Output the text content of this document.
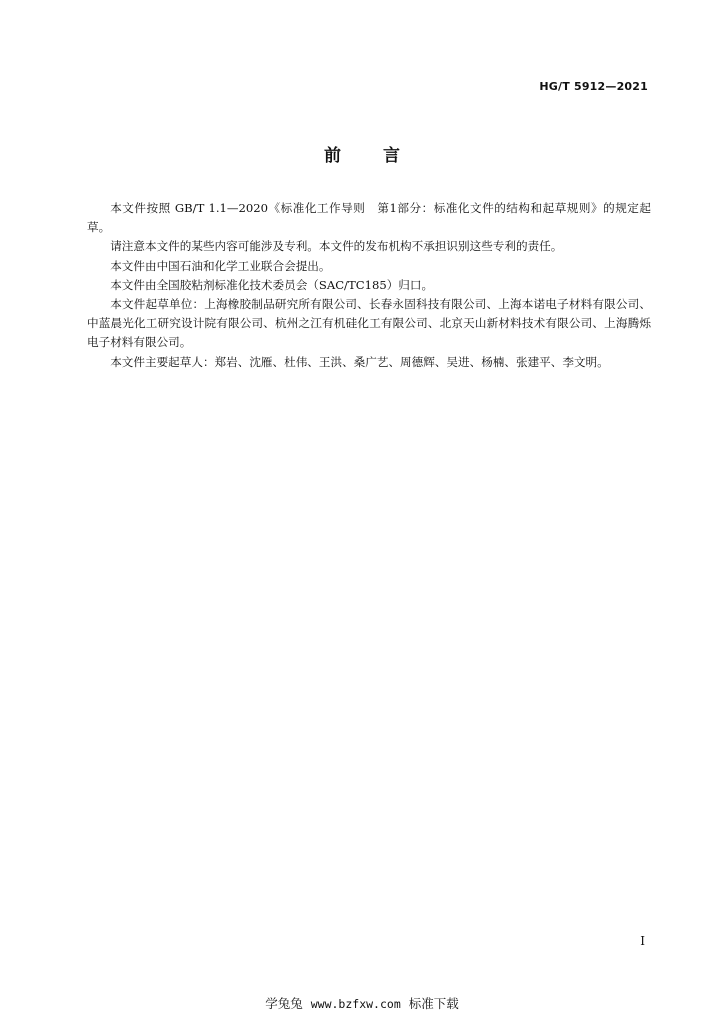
HG/T 5912—2021
前言

本文件按照 GB/T 1.1—2020《标准化工作导则　第1部分：标准化文件的结构和起草规则》的规定起草。

请注意本文件的某些内容可能涉及专利。本文件的发布机构不承担识别这些专利的责任。

本文件由中国石油和化学工业联合会提出。

本文件由全国胶粘剂标准化技术委员会（SAC/TC185）归口。

本文件起草单位：上海橡胶制品研究所有限公司、长春永固科技有限公司、上海本诺电子材料有限公司、中蓝晨光化工研究设计院有限公司、杭州之江有机硅化工有限公司、北京天山新材料技术有限公司、上海腾烁电子材料有限公司。

本文件主要起草人：郑岩、沈雁、杜伟、王洪、桑广艺、周德辉、吴进、杨楠、张建平、李文明。

I
学兔兔 www.bzfxw.com 标准下载
